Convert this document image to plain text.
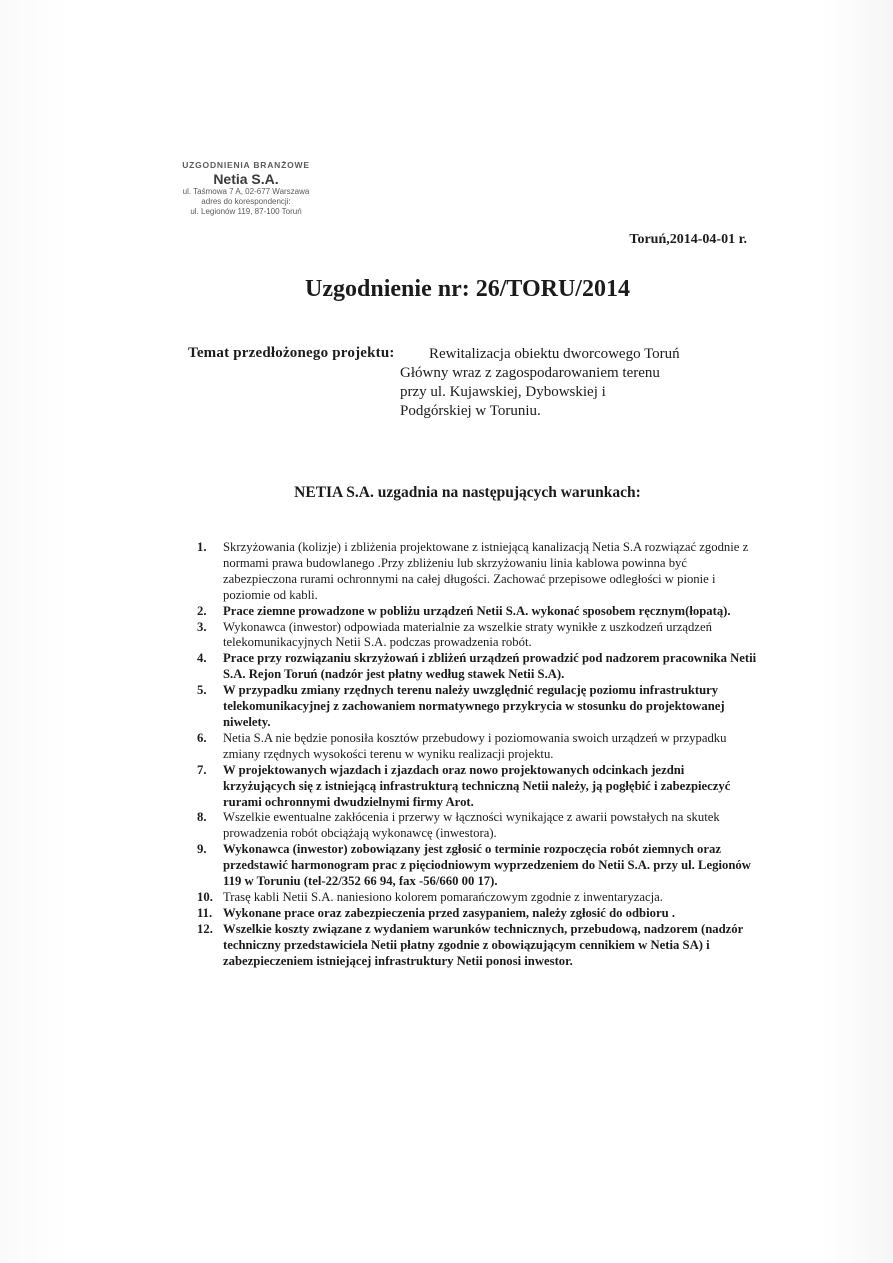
UZGODNIENIA BRANŻOWE
Netia S.A.
ul. Taśmowa 7 A, 02-677 Warszawa
adres do korespondencji:
ul. Legionów 119, 87-100 Toruń
Toruń,2014-04-01 r.
Uzgodnienie nr: 26/TORU/2014
Temat przedłożonego projektu: Rewitalizacja obiektu dworcowego Toruń
Główny wraz z zagospodarowaniem terenu
przy ul. Kujawskiej, Dybowskiej i
Podgórskiej w Toruniu.
NETIA S.A. uzgadnia na następujących warunkach:
1. Skrzyżowania (kolizje) i zbliżenia projektowane z istniejącą kanalizacją Netia S.A rozwiązać zgodnie z normami prawa budowlanego .Przy zbliżeniu lub skrzyżowaniu linia kablowa powinna być zabezpieczona rurami ochronnymi na całej długości. Zachować przepisowe odległości w pionie i poziomie od kabli.
2. Prace ziemne prowadzone w pobliżu urządzeń Netii S.A. wykonać sposobem ręcznym(łopatą).
3. Wykonawca (inwestor) odpowiada materialnie za wszelkie straty wynikłe z uszkodzeń urządzeń telekomunikacyjnych Netii S.A. podczas prowadzenia robót.
4. Prace przy rozwiązaniu skrzyżowań i zbliżeń urządzeń prowadzić pod nadzorem pracownika Netii S.A. Rejon Toruń (nadzór jest płatny według stawek Netii S.A).
5. W przypadku zmiany rzędnych terenu należy uwzględnić regulację poziomu infrastruktury telekomunikacyjnej z zachowaniem normatywnego przykrycia w stosunku do projektowanej niwelety.
6. Netia S.A nie będzie ponosiła kosztów przebudowy i poziomowania swoich urządzeń w przypadku zmiany rzędnych wysokości terenu w wyniku realizacji projektu.
7. W projektowanych wjazdach i zjazdach oraz nowo projektowanych odcinkach jezdni krzyżujących się z istniejącą infrastrukturą techniczną Netii należy, ją pogłębić i zabezpieczyć rurami ochronnymi dwudzielnymi firmy Arot.
8. Wszelkie ewentualne zakłócenia i przerwy w łączności wynikające z awarii powstałych na skutek prowadzenia robót obciążają wykonawcę (inwestora).
9. Wykonawca (inwestor) zobowiązany jest zgłosić o terminie rozpoczęcia robót ziemnych oraz przedstawić harmonogram prac z pięciodniowym wyprzedzeniem do Netii S.A. przy ul. Legionów 119 w Toruniu (tel-22/352 66 94, fax -56/660 00 17).
10. Trasę kabli Netii S.A. naniesiono kolorem pomarańczowym zgodnie z inwentaryzacja.
11. Wykonane prace oraz zabezpieczenia przed zasypaniem, należy zgłosić do odbioru .
12. Wszelkie koszty związane z wydaniem warunków technicznych, przebudową, nadzorem (nadzór techniczny przedstawiciela Netii płatny zgodnie z obowiązującym cennikiem w Netia SA) i zabezpieczeniem istniejącej infrastruktury Netii ponosi inwestor.
